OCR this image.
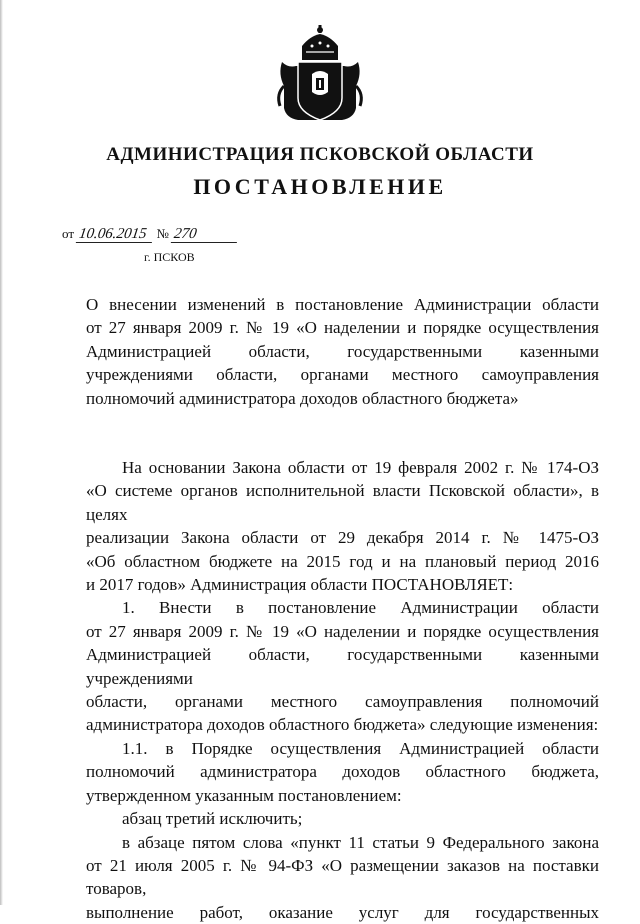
АДМИНИСТРАЦИЯ ПСКОВСКОЙ ОБЛАСТИ
ПОСТАНОВЛЕНИЕ
от 10.06.2015 № 270
г. ПСКОВ

О внесении изменений в постановление Администрации области

от 27 января 2009 г. № 19 «О наделении и порядке осуществления

Администрацией области, государственными казенными

учреждениями области, органами местного самоуправления

полномочий администратора доходов областного бюджета»

На основании Закона области от 19 февраля 2002 г. № 174-ОЗ

«О системе органов исполнительной власти Псковской области», в целях

реализации Закона области от 29 декабря 2014 г. № 1475-ОЗ

«Об областном бюджете на 2015 год и на плановый период 2016

и 2017 годов» Администрация области ПОСТАНОВЛЯЕТ:

1. Внести в постановление Администрации области

от 27 января 2009 г. № 19 «О наделении и порядке осуществления

Администрацией области, государственными казенными учреждениями

области, органами местного самоуправления полномочий

администратора доходов областного бюджета» следующие изменения:

1.1. в Порядке осуществления Администрацией области

полномочий администратора доходов областного бюджета,

утвержденном указанным постановлением:

абзац третий исключить;

в абзаце пятом слова «пункт 11 статьи 9 Федерального закона

от 21 июля 2005 г. № 94-ФЗ «О размещении заказов на поставки товаров,

выполнение работ, оказание услуг для государственных
